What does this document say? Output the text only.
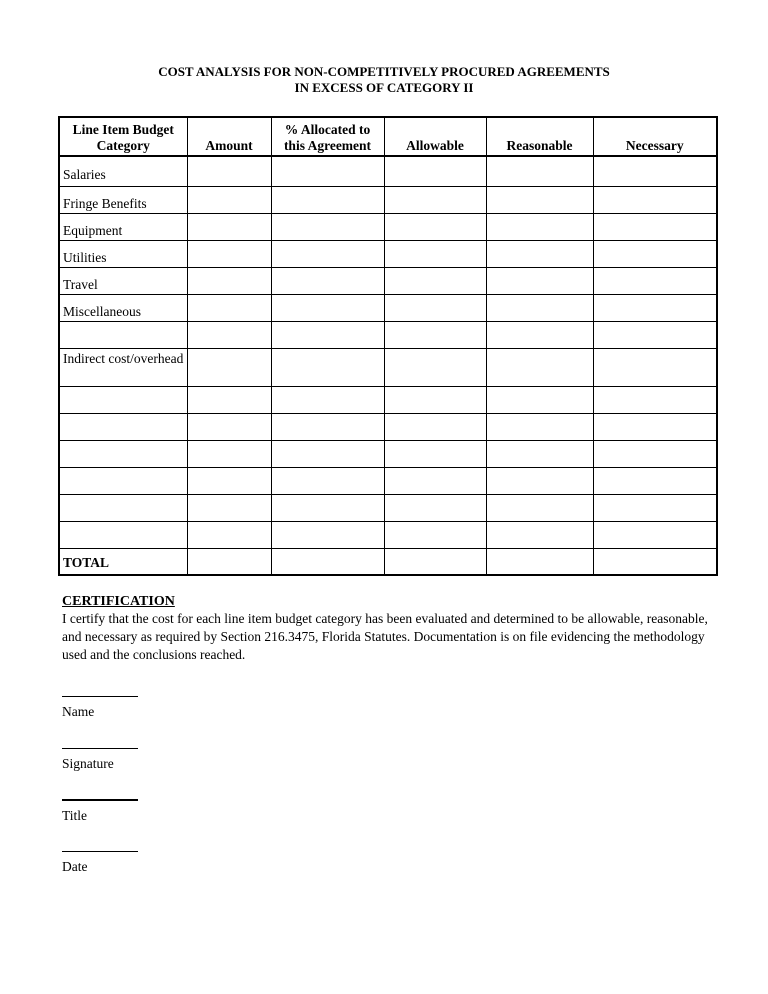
COST ANALYSIS FOR NON-COMPETITIVELY PROCURED AGREEMENTS
IN EXCESS OF CATEGORY II
Line Item Budget Category	Amount	% Allocated to this Agreement	Allowable	Reasonable	Necessary
Salaries					
Fringe Benefits					
Equipment					
Utilities					
Travel					
Miscellaneous					

Indirect cost/overhead					

TOTAL					
CERTIFICATION
I certify that the cost for each line item budget category has been evaluated and determined to be allowable, reasonable, and necessary as required by Section 216.3475, Florida Statutes. Documentation is on file evidencing the methodology used and the conclusions reached.
Name
Signature
Title
Date
